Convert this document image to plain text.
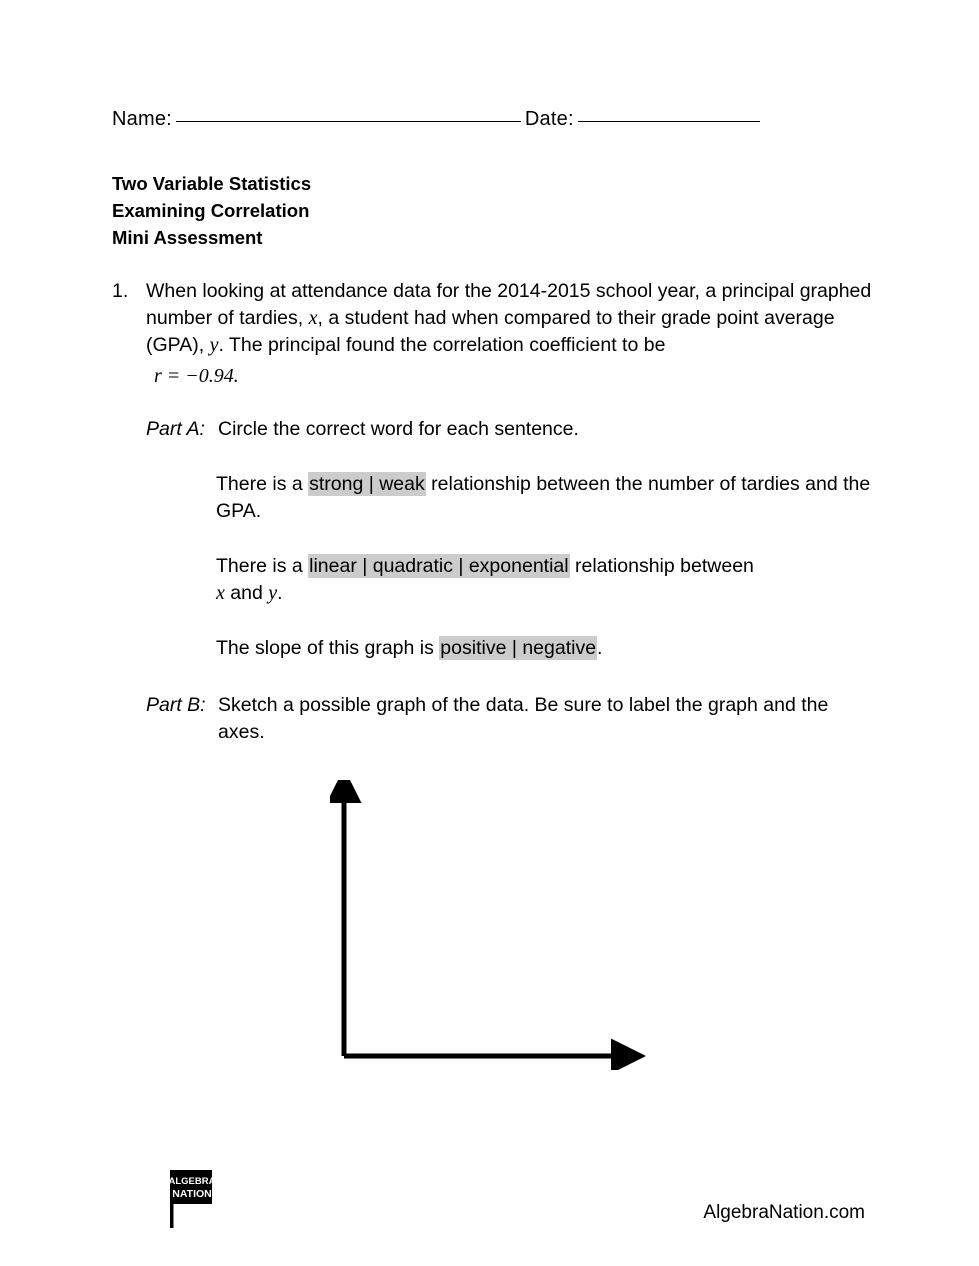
Name:	Date:
Two Variable Statistics
Examining Correlation
Mini Assessment
1. When looking at attendance data for the 2014-2015 school year, a principal graphed number of tardies, x, a student had when compared to their grade point average (GPA), y. The principal found the correlation coefficient to be
r = −0.94.
Part A: Circle the correct word for each sentence.

There is a strong | weak relationship between the number of tardies and the GPA.

There is a linear | quadratic | exponential relationship between
x and y.

The slope of this graph is positive | negative.

Part B: Sketch a possible graph of the data. Be sure to label the graph and the axes.
ALGEBRA
NATION
AlgebraNation.com
